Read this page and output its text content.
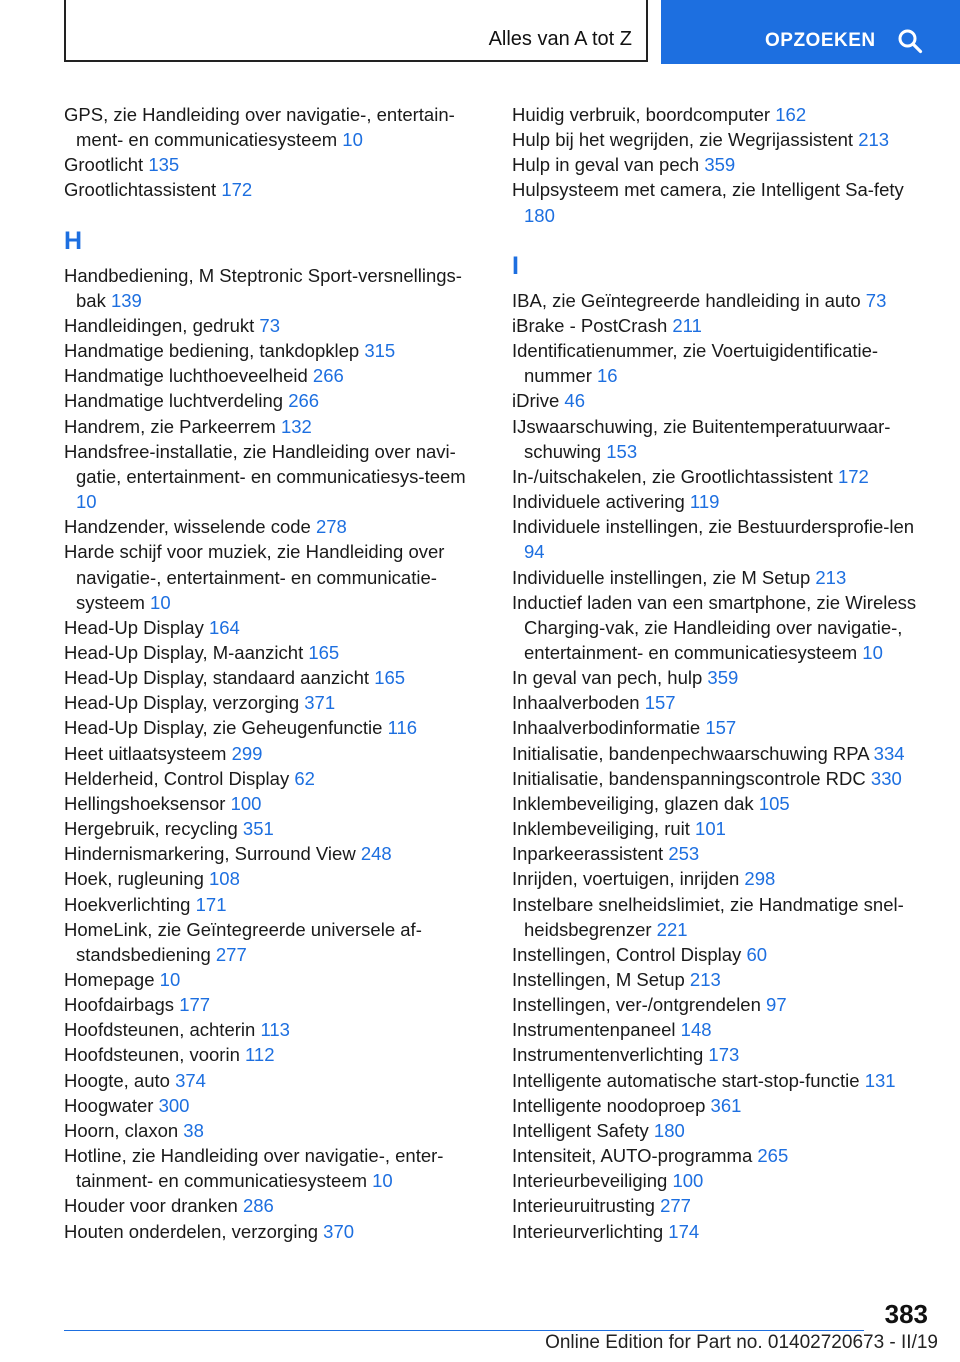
Alles van A tot Z	OPZOEKEN
GPS, zie Handleiding over navigatie-, entertain‐ment- en communicatiesysteem 10
Grootlicht 135
Grootlichtassistent 172
H
Handbediening, M Steptronic Sport-versnellings‐bak 139
Handleidingen, gedrukt 73
Handmatige bediening, tankdopklep 315
Handmatige luchthoeveelheid 266
Handmatige luchtverdeling 266
Handrem, zie Parkeerrem 132
Handsfree-installatie, zie Handleiding over navi‐gatie, entertainment- en communicatiesys‐teem 10
Handzender, wisselende code 278
Harde schijf voor muziek, zie Handleiding over navigatie-, entertainment- en communicatie‐systeem 10
Head-Up Display 164
Head-Up Display, M-aanzicht 165
Head-Up Display, standaard aanzicht 165
Head-Up Display, verzorging 371
Head-Up Display, zie Geheugenfunctie 116
Heet uitlaatsysteem 299
Helderheid, Control Display 62
Hellingshoeksensor 100
Hergebruik, recycling 351
Hindernismarkering, Surround View 248
Hoek, rugleuning 108
Hoekverlichting 171
HomeLink, zie Geïntegreerde universele af‐standsbediening 277
Homepage 10
Hoofdairbags 177
Hoofdsteunen, achterin 113
Hoofdsteunen, voorin 112
Hoogte, auto 374
Hoogwater 300
Hoorn, claxon 38
Hotline, zie Handleiding over navigatie-, enter‐tainment- en communicatiesysteem 10
Houder voor dranken 286
Houten onderdelen, verzorging 370
Huidig verbruik, boordcomputer 162
Hulp bij het wegrijden, zie Wegrijassistent 213
Hulp in geval van pech 359
Hulpsysteem met camera, zie Intelligent Sa‐fety 180
I
IBA, zie Geïntegreerde handleiding in auto 73
iBrake - PostCrash 211
Identificatienummer, zie Voertuigidentificatie‐nummer 16
iDrive 46
IJswaarschuwing, zie Buitentemperatuurwaar‐schuwing 153
In-/uitschakelen, zie Grootlichtassistent 172
Individuele activering 119
Individuele instellingen, zie Bestuurdersprofie‐len 94
Individuelle instellingen, zie M Setup 213
Inductief laden van een smartphone, zie Wireless Charging-vak, zie Handleiding over navigatie-, entertainment- en communicatiesysteem 10
In geval van pech, hulp 359
Inhaalverboden 157
Inhaalverbodinformatie 157
Initialisatie, bandenpechwaarschuwing RPA 334
Initialisatie, bandenspanningscontrole RDC 330
Inklembeveiliging, glazen dak 105
Inklembeveiliging, ruit 101
Inparkeerassistent 253
Inrijden, voertuigen, inrijden 298
Instelbare snelheidslimiet, zie Handmatige snel‐heidsbegrenzer 221
Instellingen, Control Display 60
Instellingen, M Setup 213
Instellingen, ver-/ontgrendelen 97
Instrumentenpaneel 148
Instrumentenverlichting 173
Intelligente automatische start-stop-functie 131
Intelligente noodoproep 361
Intelligent Safety 180
Intensiteit, AUTO-programma 265
Interieurbeveiliging 100
Interieuruitrusting 277
Interieurverlichting 174
383
Online Edition for Part no. 01402720673 - II/19
